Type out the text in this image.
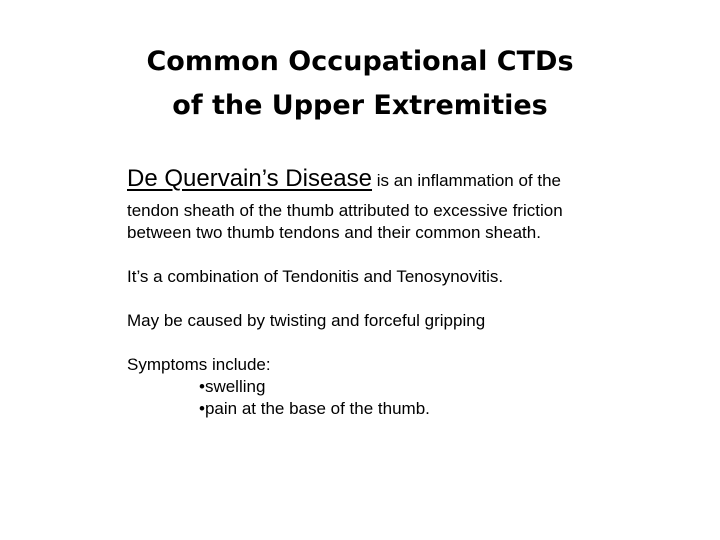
Common Occupational CTDs
of the Upper Extremities
De Quervain’s Disease is an inflammation of the

tendon sheath of the thumb attributed to excessive friction

between two thumb tendons and their common sheath.

It’s a combination of Tendonitis and Tenosynovitis.

May be caused by twisting and forceful gripping

Symptoms include:

•swelling
•pain at the base of the thumb.
